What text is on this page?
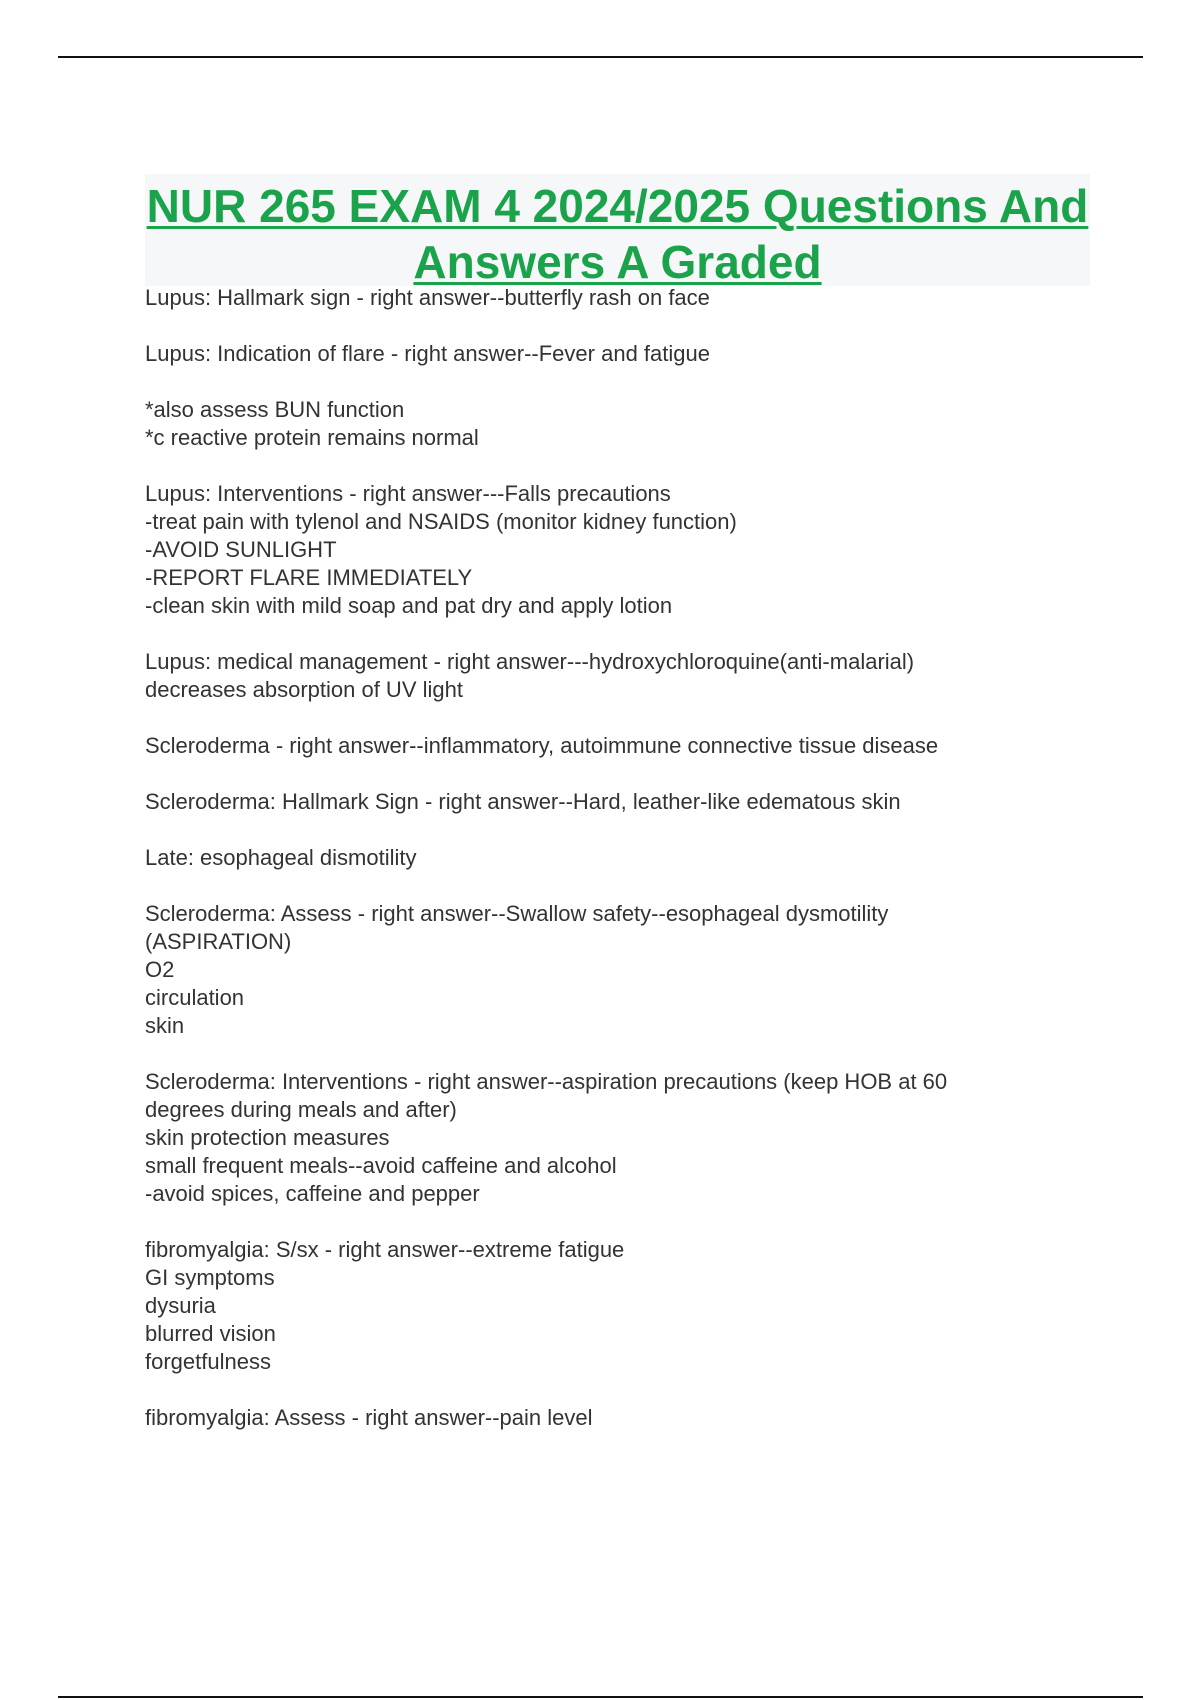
NUR 265 EXAM 4 2024/2025 Questions And Answers A Graded
Lupus: Hallmark sign - right answer--butterfly rash on face
Lupus: Indication of flare - right answer--Fever and fatigue
*also assess BUN function
*c reactive protein remains normal
Lupus: Interventions - right answer---Falls precautions
-treat pain with tylenol and NSAIDS (monitor kidney function)
-AVOID SUNLIGHT
-REPORT FLARE IMMEDIATELY
-clean skin with mild soap and pat dry and apply lotion
Lupus: medical management - right answer---hydroxychloroquine(anti-malarial)
decreases absorption of UV light
Scleroderma - right answer--inflammatory, autoimmune connective tissue disease
Scleroderma: Hallmark Sign - right answer--Hard, leather-like edematous skin
Late: esophageal dismotility
Scleroderma: Assess - right answer--Swallow safety--esophageal dysmotility
(ASPIRATION)
O2
circulation
skin
Scleroderma: Interventions - right answer--aspiration precautions (keep HOB at 60
degrees during meals and after)
skin protection measures
small frequent meals--avoid caffeine and alcohol
-avoid spices, caffeine and pepper
fibromyalgia: S/sx - right answer--extreme fatigue
GI symptoms
dysuria
blurred vision
forgetfulness
fibromyalgia: Assess - right answer--pain level
